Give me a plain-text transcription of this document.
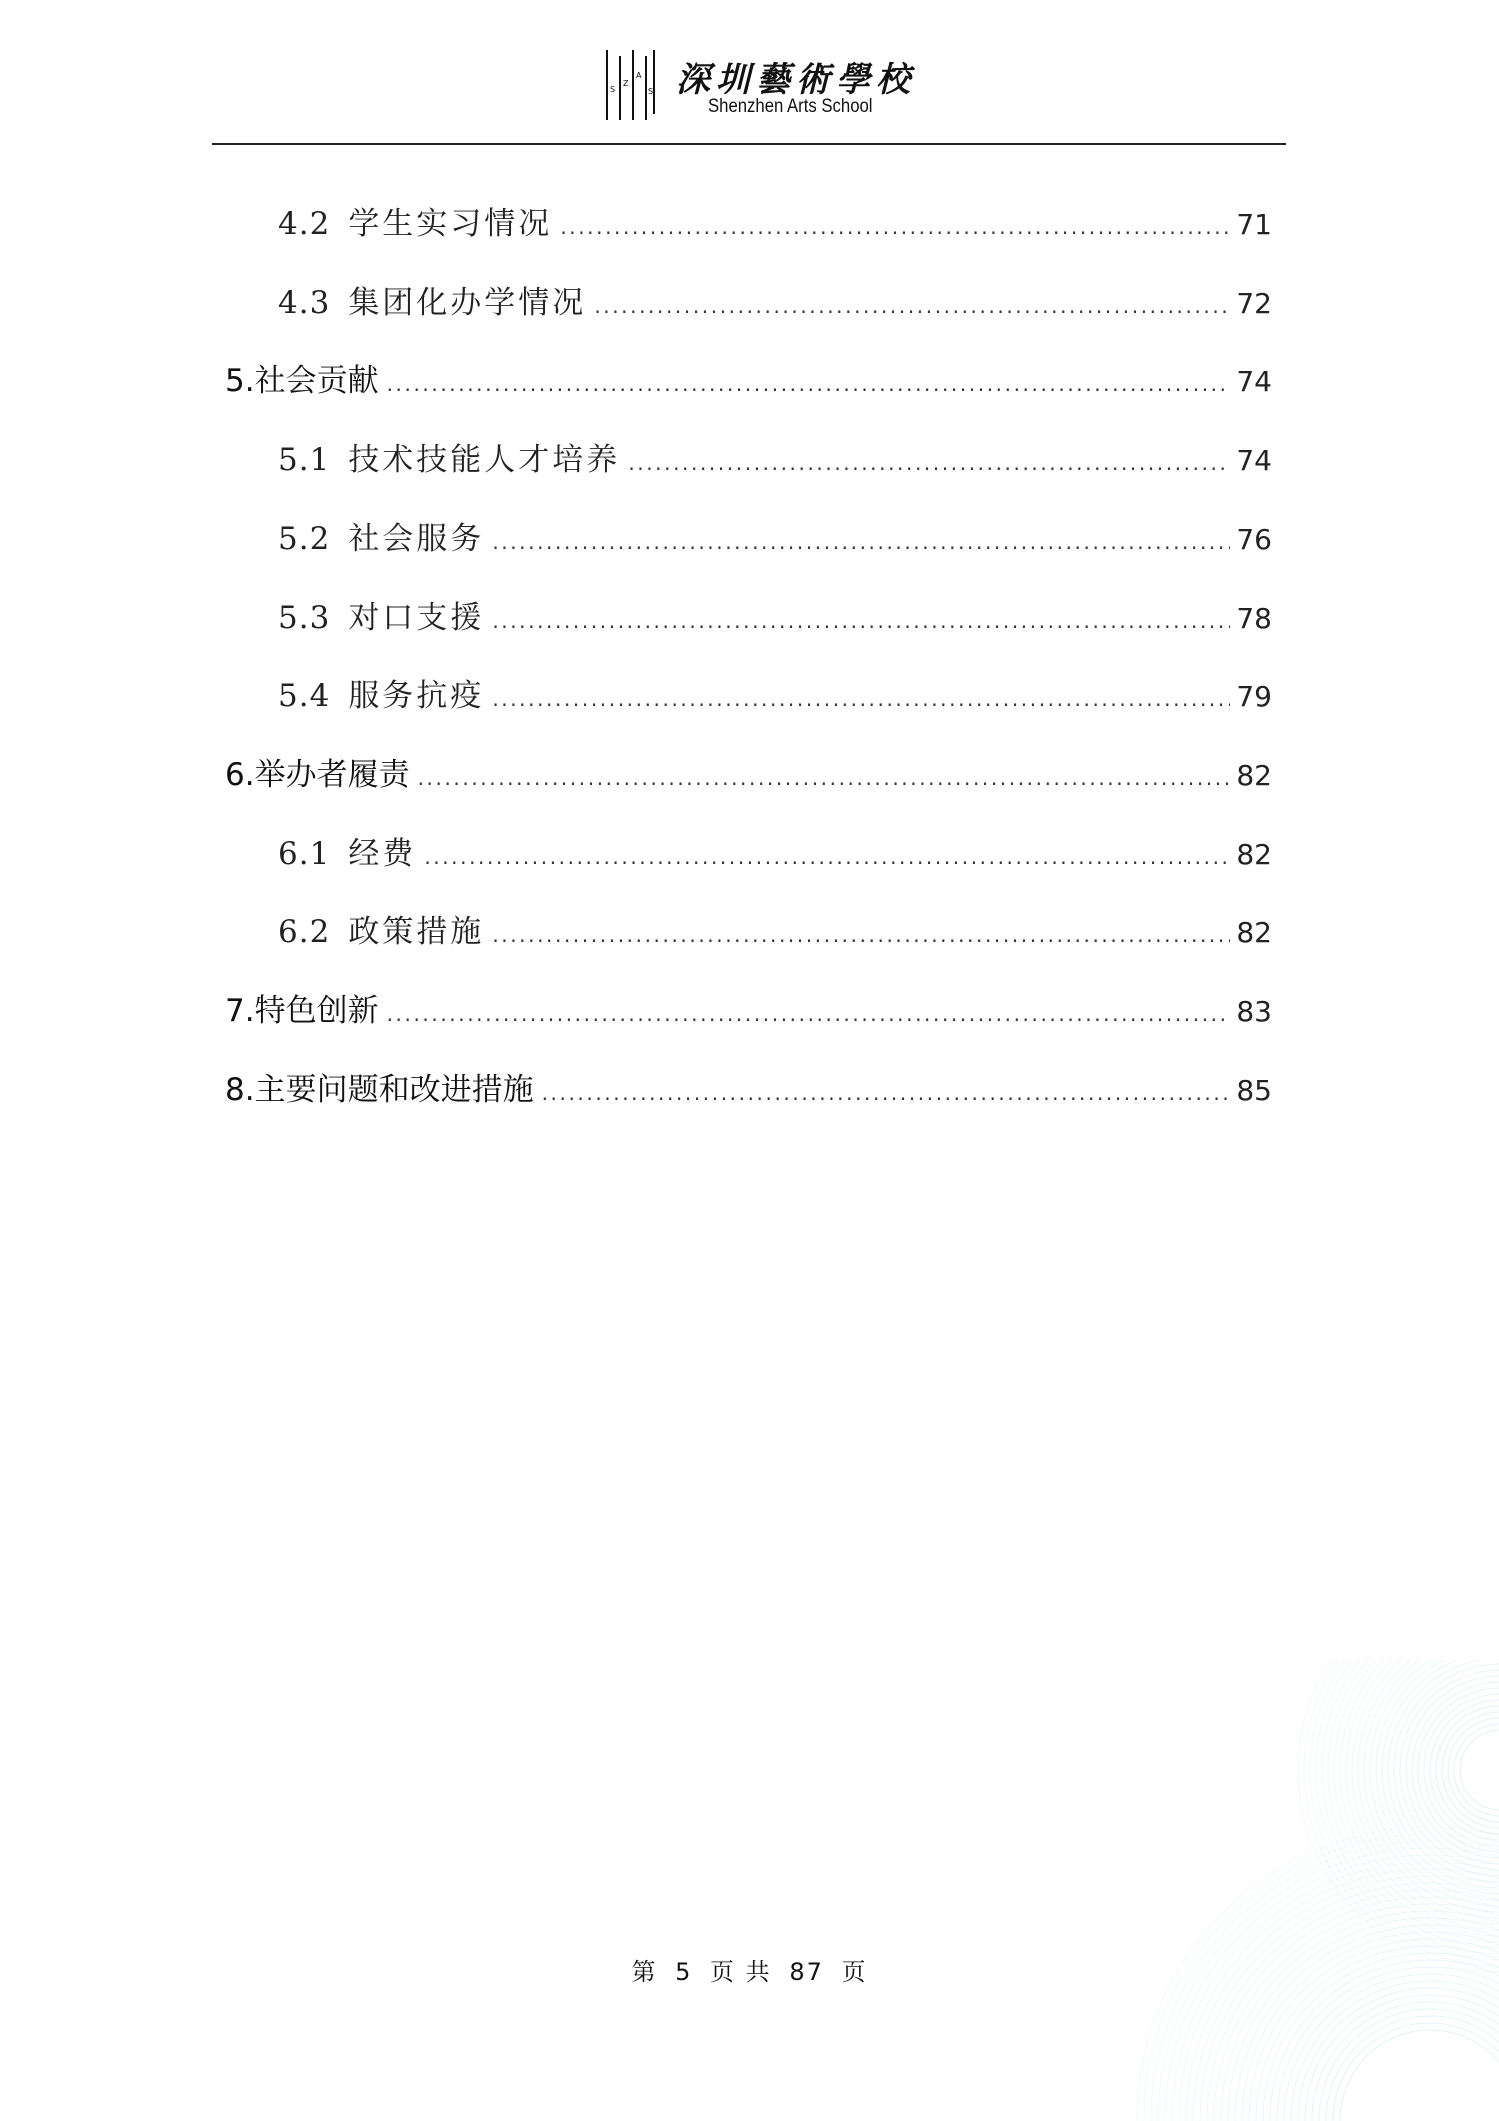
S
Z
A
S 深圳藝術學校
Shenzhen Arts School
4.2 学生实习情况 .....	71
4.3 集团化办学情况 .....	72
5. 社会贡献 .....	74
5.1 技术技能人才培养 .....	74
5.2 社会服务 .....	76
5.3 对口支援 .....	78
5.4 服务抗疫 .....	79
6. 举办者履责 .....	82
6.1 经费 .....	82
6.2 政策措施 .....	82
7. 特色创新 .....	83
8. 主要问题和改进措施 .....	85
第 5 页 共 87 页
